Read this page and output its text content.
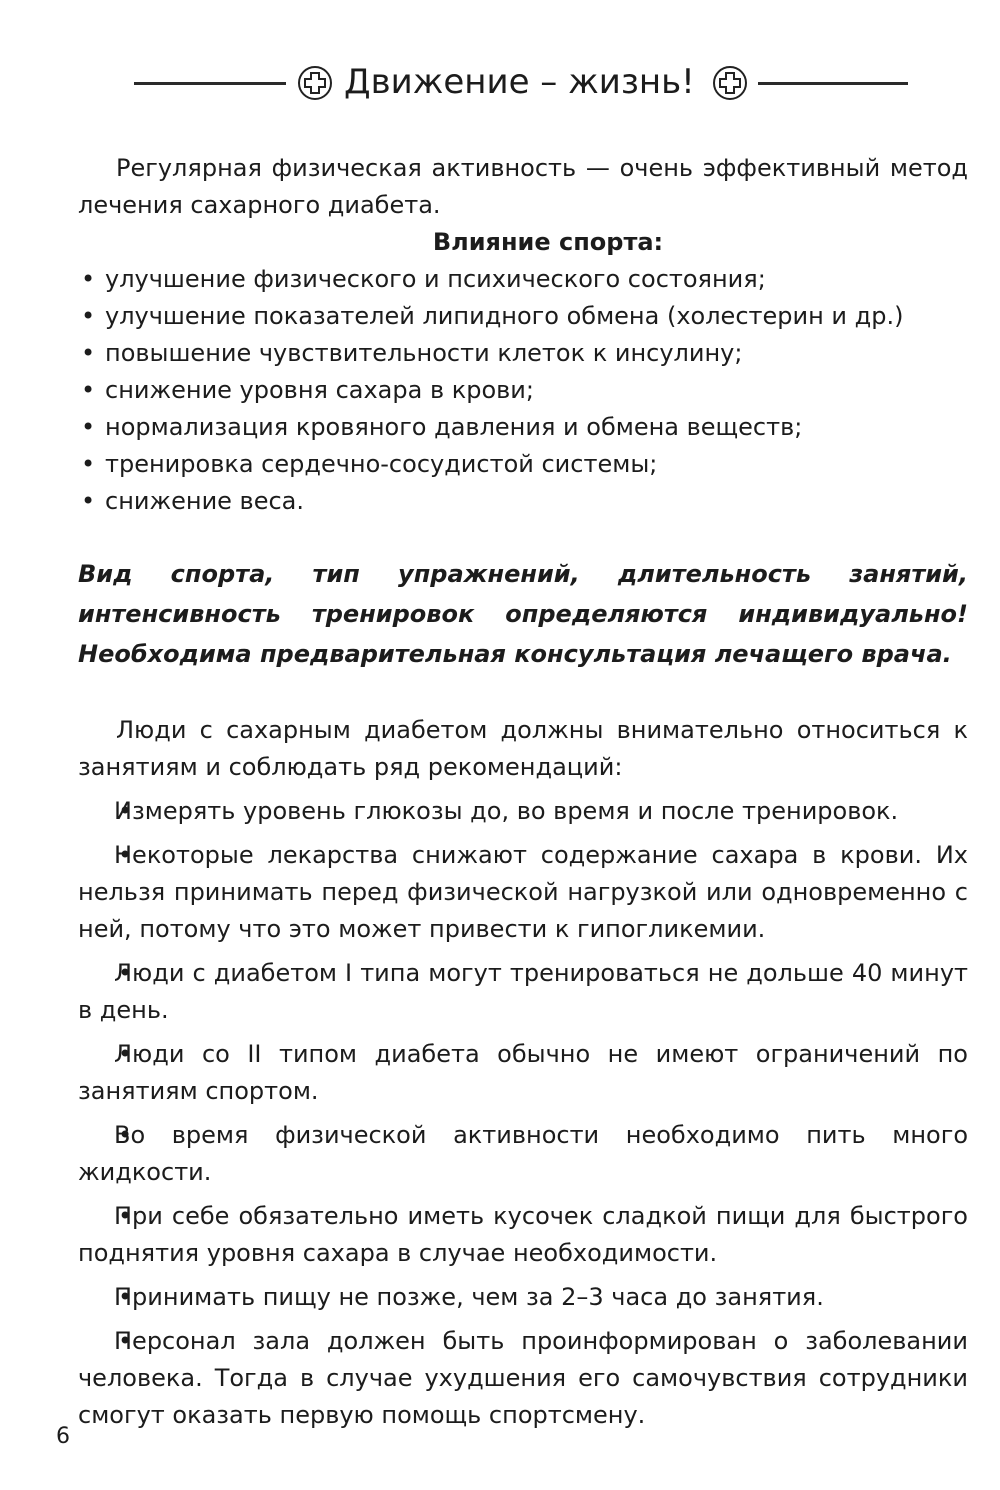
Движение – жизнь!

Регулярная физическая активность — очень эффективный метод лечения сахарного диабета.

Влияние спорта:

• улучшение физического и психического состояния;
• улучшение показателей липидного обмена (холестерин и др.)
• повышение чувствительности клеток к инсулину;
• снижение уровня сахара в крови;
• нормализация кровяного давления и обмена веществ;
• тренировка сердечно-сосудистой системы;
• снижение веса.

Вид спорта, тип упражнений, длительность занятий, интенсивность тренировок определяются индивидуально! Необходима предварительная консультация лечащего врача.

Люди с сахарным диабетом должны внимательно относиться к занятиям и соблюдать ряд рекомендаций:

• Измерять уровень глюкозы до, во время и после тренировок.

• Некоторые лекарства снижают содержание сахара в крови. Их нельзя принимать перед физической нагрузкой или одновременно с ней, потому что это может привести к гипогликемии.

• Люди с диабетом I типа могут тренироваться не дольше 40 минут в день.

• Люди со II типом диабета обычно не имеют ограничений по занятиям спортом.

• Во время физической активности необходимо пить много жидкости.

• При себе обязательно иметь кусочек сладкой пищи для быстрого поднятия уровня сахара в случае необходимости.

• Принимать пищу не позже, чем за 2–3 часа до занятия.

• Персонал зала должен быть проинформирован о заболевании человека. Тогда в случае ухудшения его самочувствия сотрудники смогут оказать первую помощь спортсмену.

6
